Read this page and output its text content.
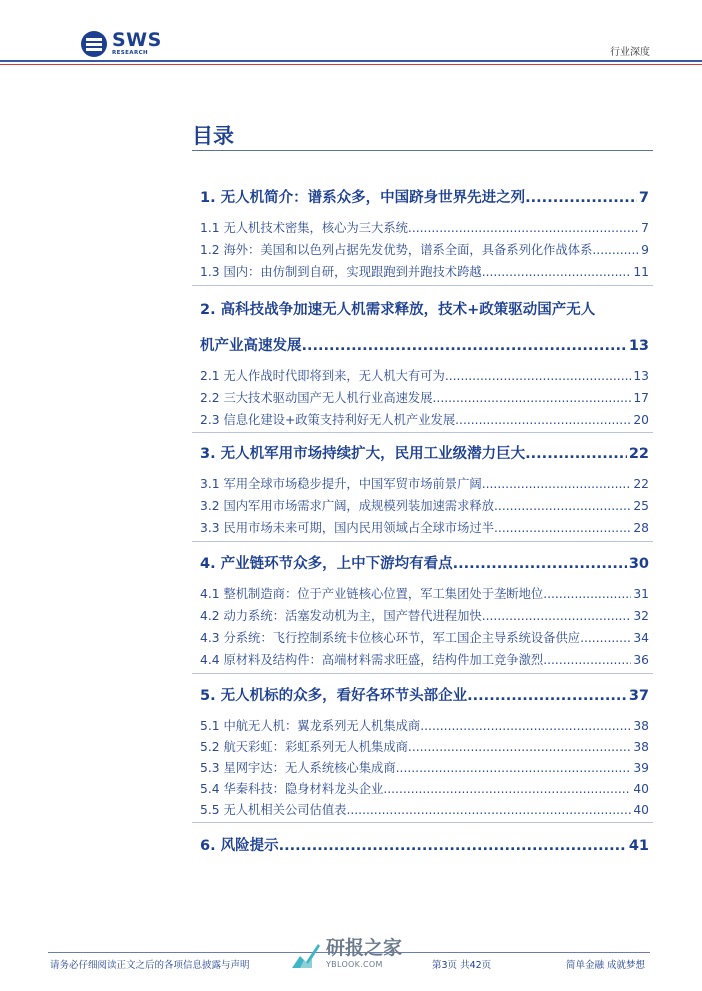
SWS
RESEARCH	行业深度
目录
1. 无人机简介：谱系众多，中国跻身世界先进之列 .....	7
1.1 无人机技术密集，核心为三大系统 .....	7
1.2 海外：美国和以色列占据先发优势，谱系全面，具备系列化作战体系 .....	9
1.3 国内：由仿制到自研，实现跟跑到并跑技术跨越 .....	11
2. 高科技战争加速无人机需求释放，技术+政策驱动国产无人
机产业高速发展 .....	13
2.1 无人作战时代即将到来，无人机大有可为 .....	13
2.2 三大技术驱动国产无人机行业高速发展 .....	17
2.3 信息化建设+政策支持利好无人机产业发展 .....	20
3. 无人机军用市场持续扩大，民用工业级潜力巨大 .....	22
3.1 军用全球市场稳步提升，中国军贸市场前景广阔 .....	22
3.2 国内军用市场需求广阔，成规模列装加速需求释放 .....	25
3.3 民用市场未来可期，国内民用领域占全球市场过半 .....	28
4. 产业链环节众多，上中下游均有看点 .....	30
4.1 整机制造商：位于产业链核心位置，军工集团处于垄断地位 .....	31
4.2 动力系统：活塞发动机为主，国产替代进程加快 .....	32
4.3 分系统：飞行控制系统卡位核心环节，军工国企主导系统设备供应 .....	34
4.4 原材料及结构件：高端材料需求旺盛，结构件加工竞争激烈 .....	36
5. 无人机标的众多，看好各环节头部企业 .....	37
5.1 中航无人机：翼龙系列无人机集成商 .....	38
5.2 航天彩虹：彩虹系列无人机集成商 .....	38
5.3 星网宇达：无人系统核心集成商 .....	39
5.4 华秦科技：隐身材料龙头企业 .....	40
5.5 无人机相关公司估值表 .....	40
6. 风险提示 .....	41
请务必仔细阅读正文之后的各项信息披露与声明
研报之家
YBLOOK.COM	第3页 共42页	简单金融 成就梦想
